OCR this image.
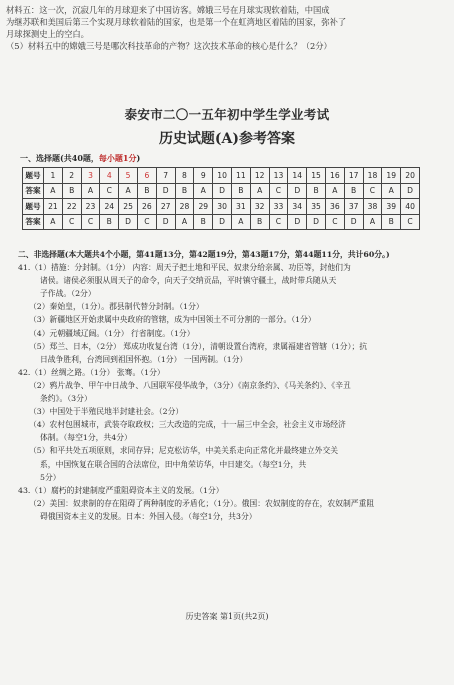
材料五：这一次，沉寂几年的月球迎来了中国访客。嫦娥三号在月球实现软着陆，中国成

为继苏联和美国后第三个实现月球软着陆的国家，也是第一个在虹湾地区着陆的国家，弥补了

月球探测史上的空白。

（5）材料五中的嫦娥三号是哪次科技革命的产物？这次技术革命的核心是什么？（2分）

泰安市二〇一五年初中学生学业考试
历史试题(A)参考答案
一、选择题(共40题，每小题1分)
题号	1	2	3	4	5	6	7	8	9	10	11	12	13	14	15	16	17	18	19	20
答案	A	B	A	C	A	B	D	B	A	D	B	A	C	D	B	A	B	C	A	D
题号	21	22	23	24	25	26	27	28	29	30	31	32	33	34	35	36	37	38	39	40
答案	A	C	C	B	D	C	D	A	B	D	A	B	C	D	D	C	D	A	B	C

二、非选择题(本大题共4个小题，第41题13分，第42题19分，第43题17分，第44题11分，共计60分。)

41.（1）措施：分封制。（1分） 内容：周天子把土地和平民、奴隶分给亲属、功臣等，封他们为

诸侯。诸侯必须服从周天子的命令，向天子交纳贡品，平时镇守疆土，战时带兵随从天

子作战。（2分）

（2）秦始皇，（1分）。郡县制代替分封制。（1分）

（3）新疆地区开始隶属中央政府的管辖，成为中国领土不可分割的一部分。（1分）

（4）元朝疆域辽阔。（1分） 行省制度。（1分）

（5）郑兰、日本，（2分） 郑成功收复台湾（1分），清朝设置台湾府，隶属福建省管辖（1分）；抗

日战争胜利，台湾回到祖国怀抱。（1分） 一国两制。（1分）

42.（1）丝绸之路。（1分） 张骞。（1分）

（2）鸦片战争、甲午中日战争、八国联军侵华战争，（3分）《南京条约》、《马关条约》、《辛丑

条约》。（3分）

（3）中国处于半殖民地半封建社会。（2分）

（4）农村包围城市，武装夺取政权；三大改造的完成，十一届三中全会，社会主义市场经济

体制。（每空1分，共4分）

（5）和平共处五项原则，求同存异；尼克松访华，中美关系走向正常化并最终建立外交关

系，中国恢复在联合国的合法席位，田中角荣访华，中日建交。（每空1分，共

5分）

43.（1）腐朽的封建制度严重阻碍资本主义的发展。（1分）

（2）美国：奴隶制的存在阻碍了两种制度的矛盾化；（1分）。俄国：农奴制度的存在，农奴制严重阻

碍俄国资本主义的发展。日本：外国入侵。（每空1分，共3分）

历史答案 第1页(共2页)
